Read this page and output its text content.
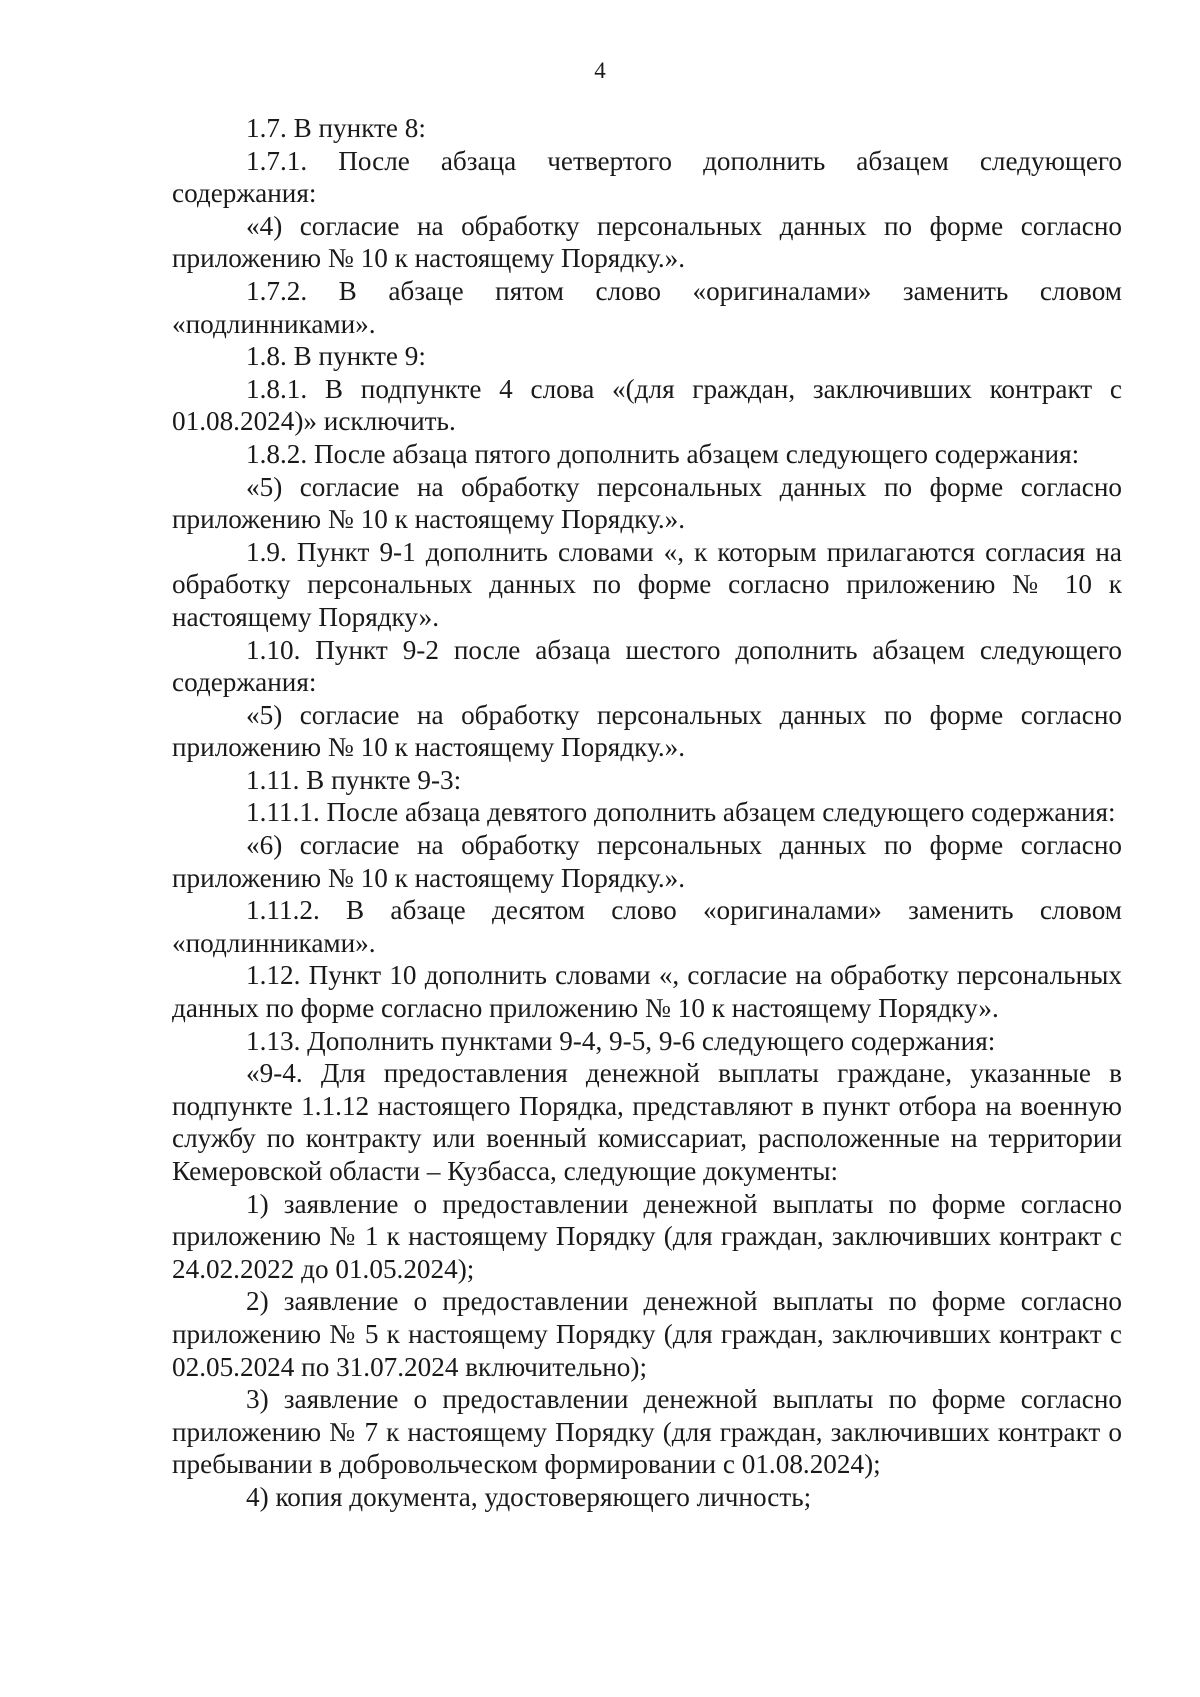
4

1.7. В пункте 8:

1.7.1. После абзаца четвертого дополнить абзацем следующего содержания:

«4) согласие на обработку персональных данных по форме согласно приложению № 10 к настоящему Порядку.».

1.7.2. В абзаце пятом слово «оригиналами» заменить словом «подлинниками».

1.8. В пункте 9:

1.8.1. В подпункте 4 слова «(для граждан, заключивших контракт с 01.08.2024)» исключить.

1.8.2. После абзаца пятого дополнить абзацем следующего содержания:

«5) согласие на обработку персональных данных по форме согласно приложению № 10 к настоящему Порядку.».

1.9. Пункт 9-1 дополнить словами «, к которым прилагаются согласия на обработку персональных данных по форме согласно приложению № 10 к настоящему Порядку».

1.10. Пункт 9-2 после абзаца шестого дополнить абзацем следующего содержания:

«5) согласие на обработку персональных данных по форме согласно приложению № 10 к настоящему Порядку.».

1.11. В пункте 9-3:

1.11.1. После абзаца девятого дополнить абзацем следующего содержания:

«6) согласие на обработку персональных данных по форме согласно приложению № 10 к настоящему Порядку.».

1.11.2. В абзаце десятом слово «оригиналами» заменить словом «подлинниками».

1.12. Пункт 10 дополнить словами «, согласие на обработку персональных данных по форме согласно приложению № 10 к настоящему Порядку».

1.13. Дополнить пунктами 9-4, 9-5, 9-6 следующего содержания:

«9-4. Для предоставления денежной выплаты граждане, указанные в подпункте 1.1.12 настоящего Порядка, представляют в пункт отбора на военную службу по контракту или военный комиссариат, расположенные на территории Кемеровской области – Кузбасса, следующие документы:

1) заявление о предоставлении денежной выплаты по форме согласно приложению № 1 к настоящему Порядку (для граждан, заключивших контракт с 24.02.2022 до 01.05.2024);

2) заявление о предоставлении денежной выплаты по форме согласно приложению № 5 к настоящему Порядку (для граждан, заключивших контракт с 02.05.2024 по 31.07.2024 включительно);

3) заявление о предоставлении денежной выплаты по форме согласно приложению № 7 к настоящему Порядку (для граждан, заключивших контракт о пребывании в добровольческом формировании с 01.08.2024);

4) копия документа, удостоверяющего личность;
